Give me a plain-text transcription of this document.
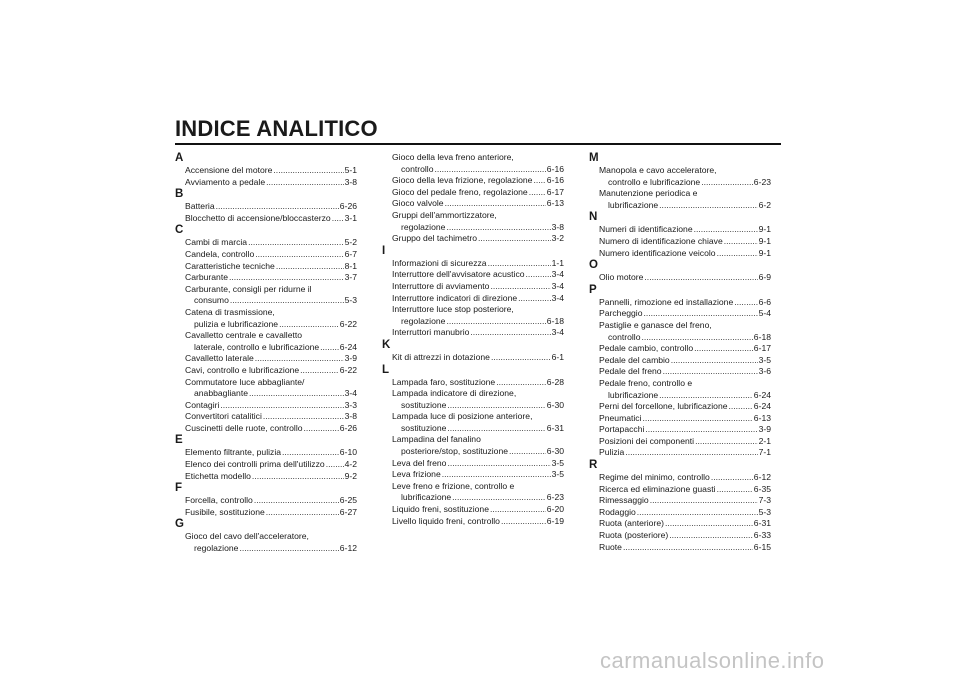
INDICE ANALITICO
A
Accensione del motore .....	5-1
Avviamento a pedale .....	3-8
B
Batteria .....	6-26
Blocchetto di accensione/bloccasterzo ..... 3-1
C
Cambi di marcia .....	5-2
Candela, controllo .....	6-7
Caratteristiche tecniche .....	8-1
Carburante .....	3-7
Carburante, consigli per ridurne il
consumo .....	5-3
Catena di trasmissione,
pulizia e lubrificazione .....	6-22
Cavalletto centrale e cavalletto
laterale, controllo e lubrificazione ..... 6-24
Cavalletto laterale .....	3-9
Cavi, controllo e lubrificazione .....	6-22
Commutatore luce abbagliante/
anabbagliante .....	3-4
Contagiri .....	3-3
Convertitori catalitici .....	3-8
Cuscinetti delle ruote, controllo .....	6-26
E
Elemento filtrante, pulizia .....	6-10
Elenco dei controlli prima dell'utilizzo ..... 4-2
Etichetta modello .....	9-2
F
Forcella, controllo .....	6-25
Fusibile, sostituzione .....	6-27
G
Gioco del cavo dell'acceleratore,
regolazione .....	6-12
Gioco della leva freno anteriore,
controllo .....	6-16
Gioco della leva frizione, regolazione ..... 6-16
Gioco del pedale freno, regolazione ..... 6-17
Gioco valvole .....	6-13
Gruppi dell'ammortizzatore,
regolazione .....	3-8
Gruppo del tachimetro .....	3-2
I
Informazioni di sicurezza .....	1-1
Interruttore dell'avvisatore acustico .....	3-4
Interruttore di avviamento .....	3-4
Interruttore indicatori di direzione .....	3-4
Interruttore luce stop posteriore,
regolazione .....	6-18
Interruttori manubrio .....	3-4
K
Kit di attrezzi in dotazione .....	6-1
L
Lampada faro, sostituzione .....	6-28
Lampada indicatore di direzione,
sostituzione .....	6-30
Lampada luce di posizione anteriore,
sostituzione .....	6-31
Lampadina del fanalino
posteriore/stop, sostituzione .....	6-30
Leva del freno .....	3-5
Leva frizione .....	3-5
Leve freno e frizione, controllo e
lubrificazione .....	6-23
Liquido freni, sostituzione .....	6-20
Livello liquido freni, controllo .....	6-19
M
Manopola e cavo acceleratore,
controllo e lubrificazione .....	6-23
Manutenzione periodica e
lubrificazione .....	6-2
N
Numeri di identificazione .....	9-1
Numero di identificazione chiave .....	9-1
Numero identificazione veicolo .....	9-1
O
Olio motore .....	6-9
P
Pannelli, rimozione ed installazione .....	6-6
Parcheggio .....	5-4
Pastiglie e ganasce del freno,
controllo .....	6-18
Pedale cambio, controllo .....	6-17
Pedale del cambio .....	3-5
Pedale del freno .....	3-6
Pedale freno, controllo e
lubrificazione .....	6-24
Perni del forcellone, lubrificazione .....	6-24
Pneumatici .....	6-13
Portapacchi .....	3-9
Posizioni dei componenti .....	2-1
Pulizia .....	7-1
R
Regime del minimo, controllo .....	6-12
Ricerca ed eliminazione guasti .....	6-35
Rimessaggio .....	7-3
Rodaggio .....	5-3
Ruota (anteriore) .....	6-31
Ruota (posteriore) .....	6-33
Ruote .....	6-15
carmanualsonline.info
